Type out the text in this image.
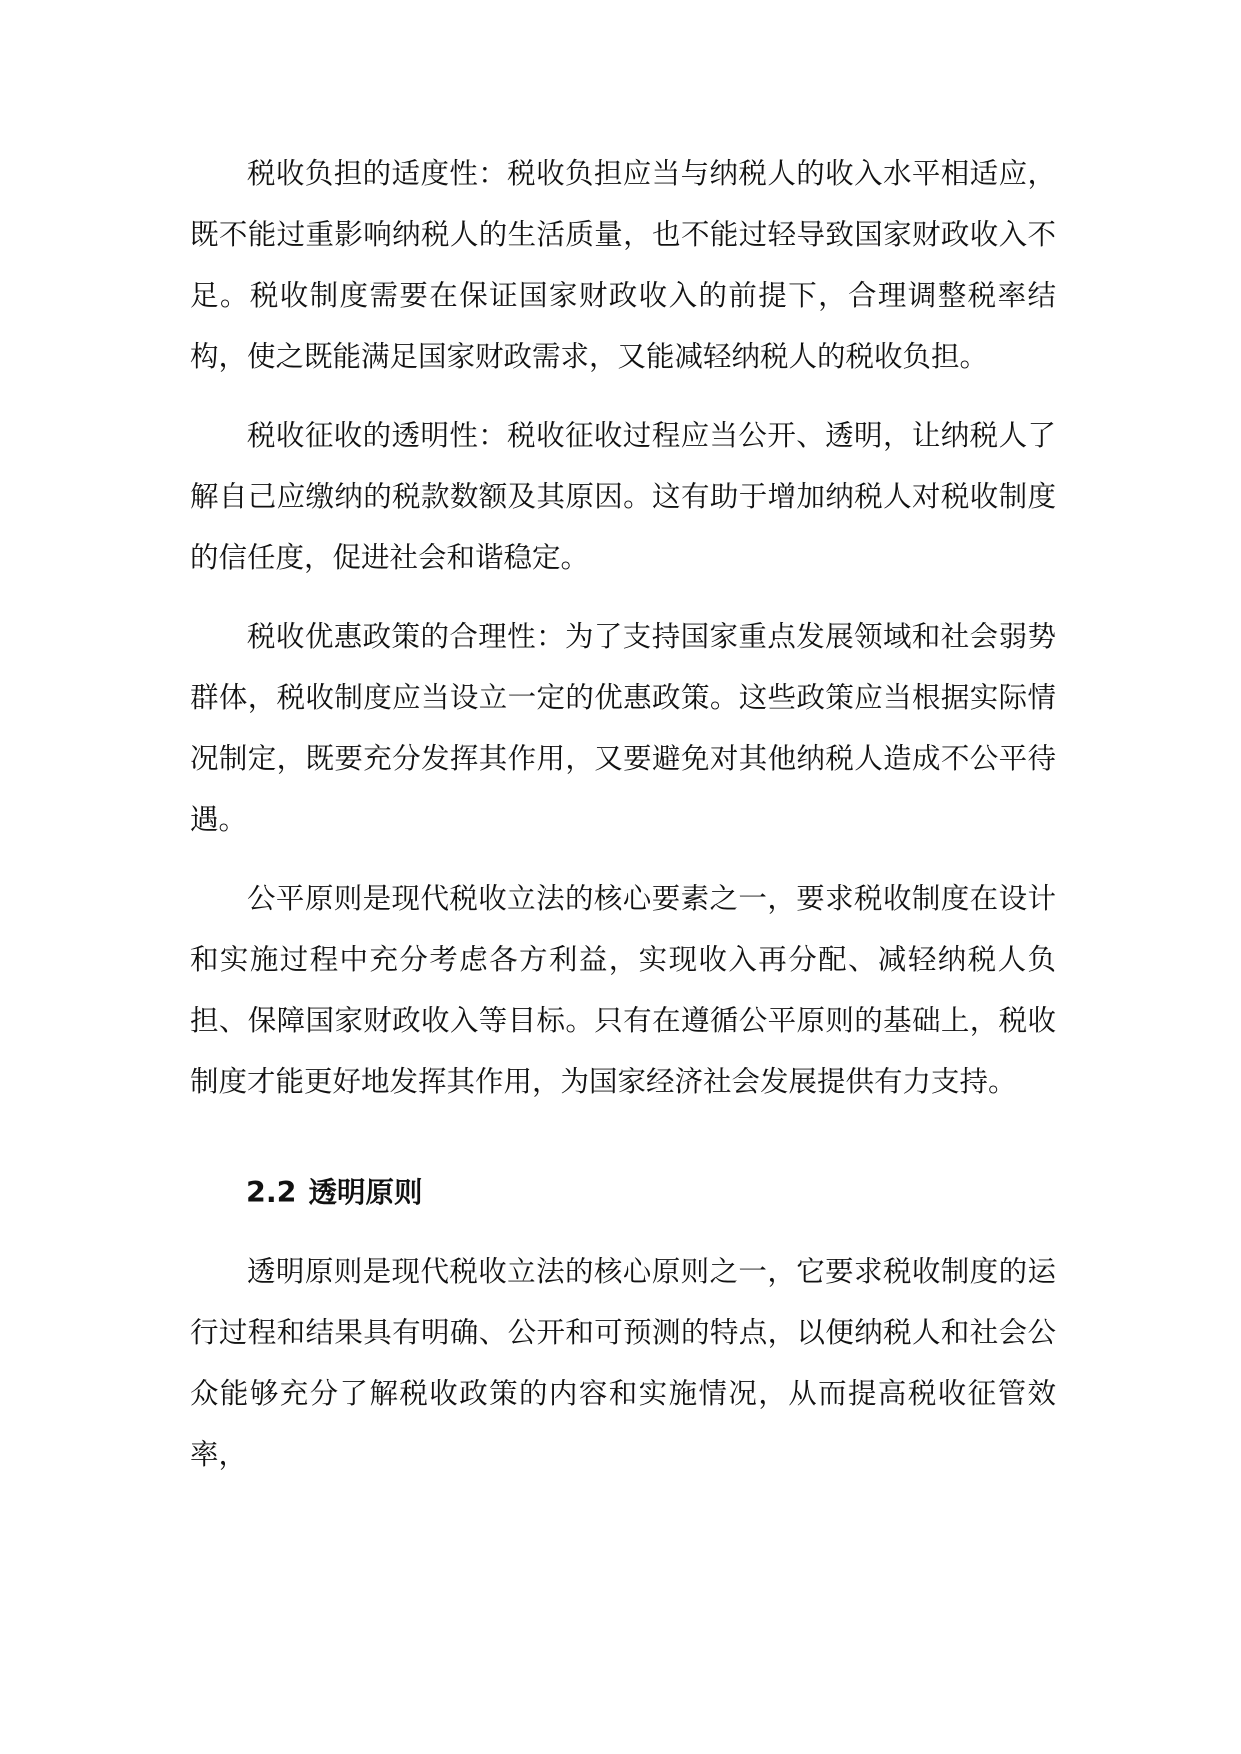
税收负担的适度性：税收负担应当与纳税人的收入水平相适应，既不能过重影响纳税人的生活质量，也不能过轻导致国家财政收入不足。税收制度需要在保证国家财政收入的前提下，合理调整税率结构，使之既能满足国家财政需求，又能减轻纳税人的税收负担。

税收征收的透明性：税收征收过程应当公开、透明，让纳税人了解自己应缴纳的税款数额及其原因。这有助于增加纳税人对税收制度的信任度，促进社会和谐稳定。

税收优惠政策的合理性：为了支持国家重点发展领域和社会弱势群体，税收制度应当设立一定的优惠政策。这些政策应当根据实际情况制定，既要充分发挥其作用，又要避免对其他纳税人造成不公平待遇。

公平原则是现代税收立法的核心要素之一，要求税收制度在设计和实施过程中充分考虑各方利益，实现收入再分配、减轻纳税人负担、保障国家财政收入等目标。只有在遵循公平原则的基础上，税收制度才能更好地发挥其作用，为国家经济社会发展提供有力支持。

2.2 透明原则

透明原则是现代税收立法的核心原则之一，它要求税收制度的运行过程和结果具有明确、公开和可预测的特点，以便纳税人和社会公众能够充分了解税收政策的内容和实施情况，从而提高税收征管效率，
